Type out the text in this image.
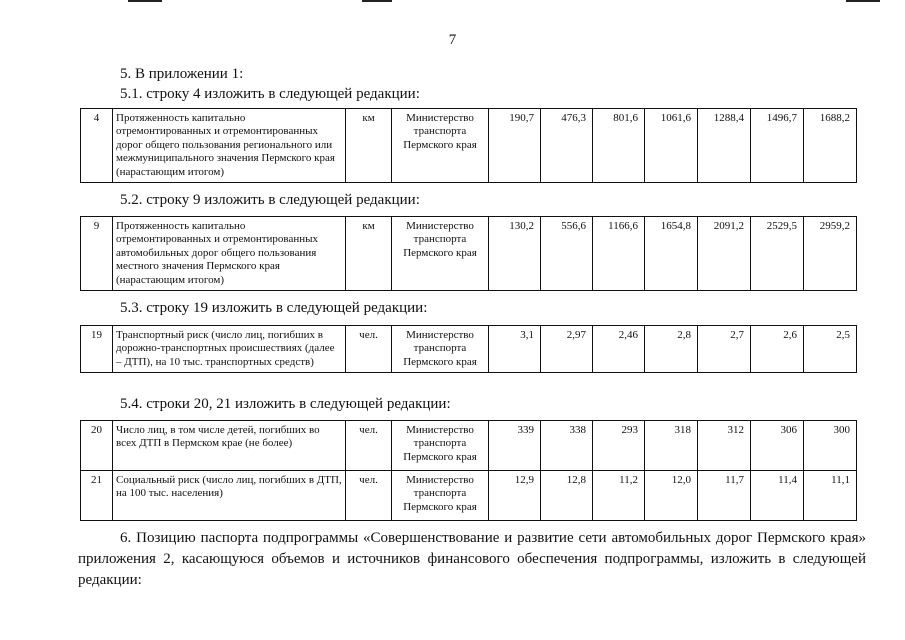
7
5. В приложении 1:
5.1. строку 4 изложить в следующей редакции:
4	Протяженность капитально отремонтированных и отремонтированных дорог общего пользования регионального или межмуниципального значения Пермского края (нарастающим итогом)	км	Министерство транспорта Пермского края	190,7	476,3	801,6	1061,6	1288,4	1496,7	1688,2
5.2. строку 9 изложить в следующей редакции:
9	Протяженность капитально отремонтированных и отремонтированных автомобильных дорог общего пользования местного значения Пермского края (нарастающим итогом)	км	Министерство транспорта Пермского края	130,2	556,6	1166,6	1654,8	2091,2	2529,5	2959,2
5.3. строку 19 изложить в следующей редакции:
19	Транспортный риск (число лиц, погибших в дорожно-транспортных происшествиях (далее – ДТП), на 10 тыс. транспортных средств)	чел.	Министерство транспорта Пермского края	3,1	2,97	2,46	2,8	2,7	2,6	2,5
5.4. строки 20, 21 изложить в следующей редакции:
20	Число лиц, в том числе детей, погибших во всех ДТП в Пермском крае (не более)	чел.	Министерство транспорта Пермского края	339	338	293	318	312	306	300
21	Социальный риск (число лиц, погибших в ДТП, на 100 тыс. населения)	чел.	Министерство транспорта Пермского края	12,9	12,8	11,2	12,0	11,7	11,4	11,1
6. Позицию паспорта подпрограммы «Совершенствование и развитие сети автомобильных дорог Пермского края» приложения 2, касающуюся объемов и источников финансового обеспечения подпрограммы, изложить в следующей редакции:
